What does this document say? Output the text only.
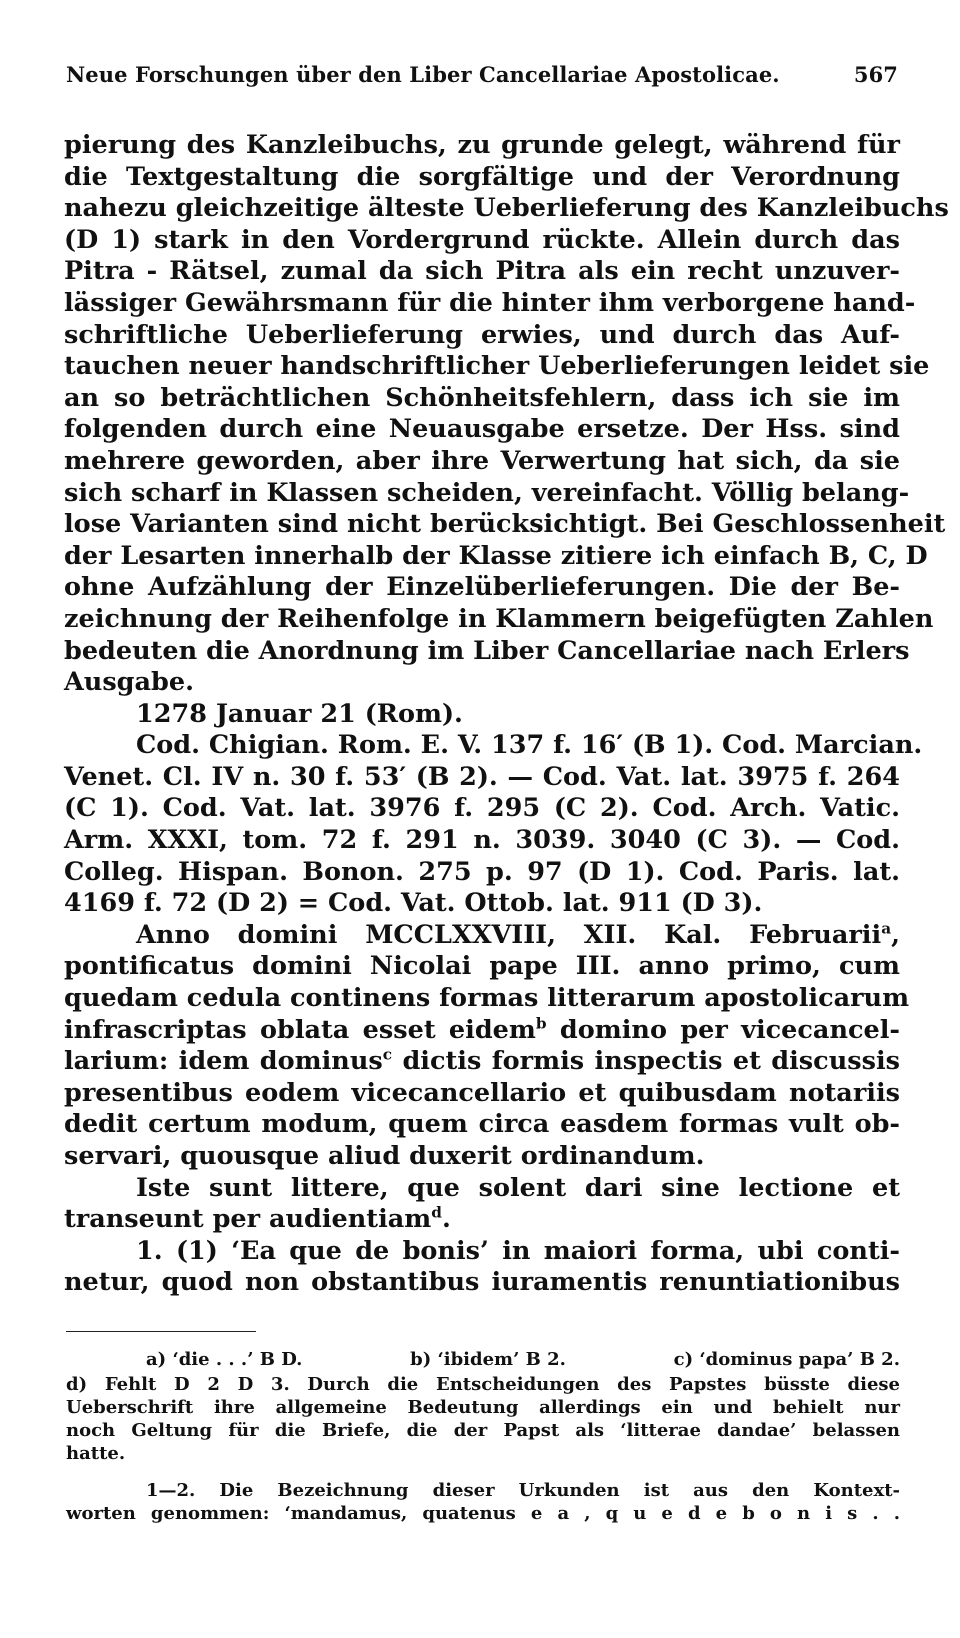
Neue Forschungen über den Liber Cancellariae Apostolicae.	567
pierung des Kanzleibuchs, zu grunde gelegt, während für
die Textgestaltung die sorgfältige und der Verordnung
nahezu gleichzeitige älteste Ueberlieferung des Kanzleibuchs
(D 1) stark in den Vordergrund rückte. Allein durch das
Pitra - Rätsel, zumal da sich Pitra als ein recht unzuver-
lässiger Gewährsmann für die hinter ihm verborgene hand-
schriftliche Ueberlieferung erwies, und durch das Auf-
tauchen neuer handschriftlicher Ueberlieferungen leidet sie
an so beträchtlichen Schönheitsfehlern, dass ich sie im
folgenden durch eine Neuausgabe ersetze. Der Hss. sind
mehrere geworden, aber ihre Verwertung hat sich, da sie
sich scharf in Klassen scheiden, vereinfacht. Völlig belang-
lose Varianten sind nicht berücksichtigt. Bei Geschlossenheit
der Lesarten innerhalb der Klasse zitiere ich einfach B, C, D
ohne Aufzählung der Einzelüberlieferungen. Die der Be-
zeichnung der Reihenfolge in Klammern beigefügten Zahlen
bedeuten die Anordnung im Liber Cancellariae nach Erlers
Ausgabe.
1278 Januar 21 (Rom).
Cod. Chigian. Rom. E. V. 137 f. 16′ (B 1). Cod. Marcian.
Venet. Cl. IV n. 30 f. 53′ (B 2). — Cod. Vat. lat. 3975 f. 264
(C 1). Cod. Vat. lat. 3976 f. 295 (C 2). Cod. Arch. Vatic.
Arm. XXXI, tom. 72 f. 291 n. 3039. 3040 (C 3). — Cod.
Colleg. Hispan. Bonon. 275 p. 97 (D 1). Cod. Paris. lat.
4169 f. 72 (D 2) = Cod. Vat. Ottob. lat. 911 (D 3).
Anno domini MCCLXXVIII, XII. Kal. Februarii$^a$,
pontificatus domini Nicolai pape III. anno primo, cum
quedam cedula continens formas litterarum apostolicarum
infrascriptas oblata esset eidem$^b$ domino per vicecancel-
larium: idem dominus$^c$ dictis formis inspectis et discussis
presentibus eodem vicecancellario et quibusdam notariis
dedit certum modum, quem circa easdem formas vult ob-
servari, quousque aliud duxerit ordinandum.
Iste sunt littere, que solent dari sine lectione et
transeunt per audientiam$^d$.
1. (1) ‘Ea que de bonis’ in maiori forma, ubi conti-
netur, quod non obstantibus iuramentis renuntiationibus
a) ‘die . . .’ B D.	b) ‘ibidem’ B 2.	c) ‘dominus papa’ B 2.
d) Fehlt D 2 D 3. Durch die Entscheidungen des Papstes büsste diese
Ueberschrift ihre allgemeine Bedeutung allerdings ein und behielt nur
noch Geltung für die Briefe, die der Papst als ‘litterae dandae’ belassen
hatte.
1—2. Die Bezeichnung dieser Urkunden ist aus den Kontext-
worten genommen: ‘mandamus, quatenus e a , q u e d e b o n i s . .
